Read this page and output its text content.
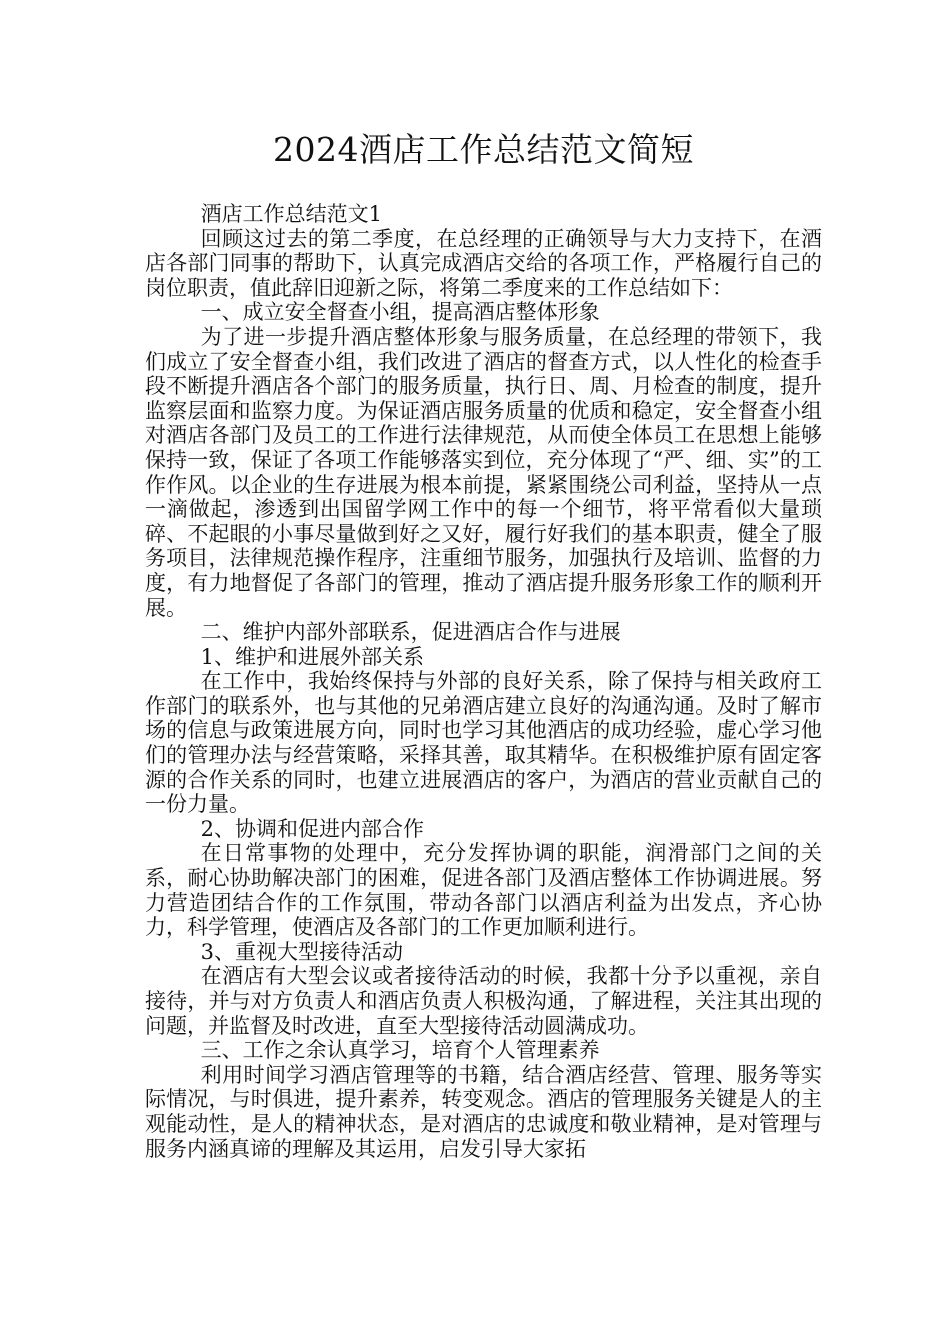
2024酒店工作总结范文简短

酒店工作总结范文1

回顾这过去的第二季度，在总经理的正确领导与大力支持下，在酒店各部门同事的帮助下，认真完成酒店交给的各项工作，严格履行自己的岗位职责，值此辞旧迎新之际，将第二季度来的工作总结如下：

一、成立安全督查小组，提高酒店整体形象

为了进一步提升酒店整体形象与服务质量，在总经理的带领下，我们成立了安全督查小组，我们改进了酒店的督查方式，以人性化的检查手段不断提升酒店各个部门的服务质量，执行日、周、月检查的制度，提升监察层面和监察力度。为保证酒店服务质量的优质和稳定，安全督查小组对酒店各部门及员工的工作进行法律规范，从而使全体员工在思想上能够保持一致，保证了各项工作能够落实到位，充分体现了“严、细、实”的工作作风。以企业的生存进展为根本前提，紧紧围绕公司利益，坚持从一点一滴做起，渗透到出国留学网工作中的每一个细节，将平常看似大量琐碎、不起眼的小事尽量做到好之又好，履行好我们的基本职责，健全了服务项目，法律规范操作程序，注重细节服务，加强执行及培训、监督的力度，有力地督促了各部门的管理，推动了酒店提升服务形象工作的顺利开展。

二、维护内部外部联系，促进酒店合作与进展

1、维护和进展外部关系

在工作中，我始终保持与外部的良好关系，除了保持与相关政府工作部门的联系外，也与其他的兄弟酒店建立良好的沟通沟通。及时了解市场的信息与政策进展方向，同时也学习其他酒店的成功经验，虚心学习他们的管理办法与经营策略，采择其善，取其精华。在积极维护原有固定客源的合作关系的同时，也建立进展酒店的客户，为酒店的营业贡献自己的一份力量。

2、协调和促进内部合作

在日常事物的处理中，充分发挥协调的职能，润滑部门之间的关系，耐心协助解决部门的困难，促进各部门及酒店整体工作协调进展。努力营造团结合作的工作氛围，带动各部门以酒店利益为出发点，齐心协力，科学管理，使酒店及各部门的工作更加顺利进行。

3、重视大型接待活动

在酒店有大型会议或者接待活动的时候，我都十分予以重视，亲自接待，并与对方负责人和酒店负责人积极沟通，了解进程，关注其出现的问题，并监督及时改进，直至大型接待活动圆满成功。

三、工作之余认真学习，培育个人管理素养

利用时间学习酒店管理等的书籍，结合酒店经营、管理、服务等实际情况，与时俱进，提升素养，转变观念。酒店的管理服务关键是人的主观能动性，是人的精神状态，是对酒店的忠诚度和敬业精神，是对管理与服务内涵真谛的理解及其运用，启发引导大家拓
